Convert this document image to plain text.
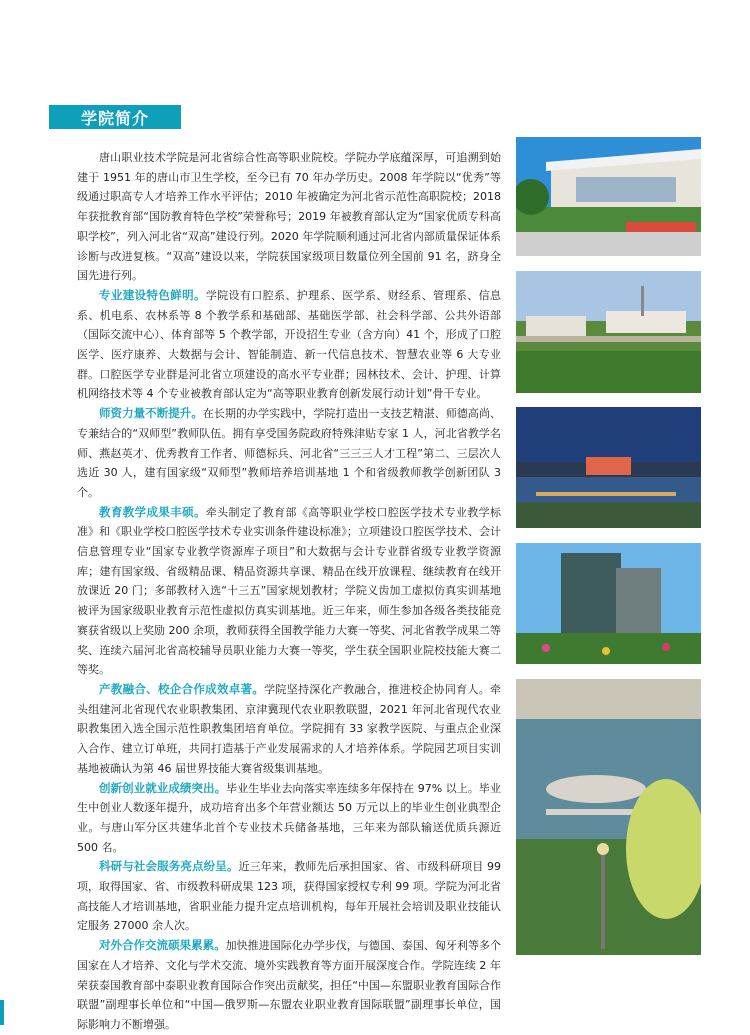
学院简介

唐山职业技术学院是河北省综合性高等职业院校。学院办学底蕴深厚，可追溯到始建于 1951 年的唐山市卫生学校，至今已有 70 年办学历史。2008 年学院以“优秀”等级通过职高专人才培养工作水平评估；2010 年被确定为河北省示范性高职院校；2018 年获批教育部“国防教育特色学校”荣誉称号；2019 年被教育部认定为“国家优质专科高职学校”，列入河北省“双高”建设行列。2020 年学院顺利通过河北省内部质量保证体系诊断与改进复核。“双高”建设以来，学院获国家级项目数量位列全国前 91 名，跻身全国先进行列。

专业建设特色鲜明。学院设有口腔系、护理系、医学系、财经系、管理系、信息系、机电系、农林系等 8 个教学系和基础部、基础医学部、社会科学部、公共外语部（国际交流中心）、体育部等 5 个教学部，开设招生专业（含方向）41 个，形成了口腔医学、医疗康养、大数据与会计、智能制造、新一代信息技术、智慧农业等 6 大专业群。口腔医学专业群是河北省立项建设的高水平专业群；园林技术、会计、护理、计算机网络技术等 4 个专业被教育部认定为“高等职业教育创新发展行动计划”骨干专业。

师资力量不断提升。在长期的办学实践中，学院打造出一支技艺精湛、师德高尚、专兼结合的“双师型”教师队伍。拥有享受国务院政府特殊津贴专家 1 人，河北省教学名师、燕赵英才、优秀教育工作者、师德标兵、河北省“三三三人才工程”第二、三层次人选近 30 人，建有国家级“双师型”教师培养培训基地 1 个和省级教师教学创新团队 3 个。

教育教学成果丰硕。牵头制定了教育部《高等职业学校口腔医学技术专业教学标准》和《职业学校口腔医学技术专业实训条件建设标准》；立项建设口腔医学技术、会计信息管理专业“国家专业教学资源库子项目”和大数据与会计专业群省级专业教学资源库；建有国家级、省级精品课、精品资源共享课、精品在线开放课程、继续教育在线开放课近 20 门；多部教材入选“十三五”国家规划教材；学院义齿加工虚拟仿真实训基地被评为国家级职业教育示范性虚拟仿真实训基地。近三年来，师生参加各级各类技能竞赛获省级以上奖励 200 余项，教师获得全国教学能力大赛一等奖、河北省教学成果二等奖、连续六届河北省高校辅导员职业能力大赛一等奖，学生获全国职业院校技能大赛二等奖。

产教融合、校企合作成效卓著。学院坚持深化产教融合，推进校企协同育人。牵头组建河北省现代农业职教集团、京津冀现代农业职教联盟，2021 年河北省现代农业职教集团入选全国示范性职教集团培育单位。学院拥有 33 家教学医院、与重点企业深入合作、建立订单班，共同打造基于产业发展需求的人才培养体系。学院园艺项目实训基地被确认为第 46 届世界技能大赛省级集训基地。

创新创业就业成绩突出。毕业生毕业去向落实率连续多年保持在 97% 以上。毕业生中创业人数逐年提升，成功培育出多个年营业额达 50 万元以上的毕业生创业典型企业。与唐山军分区共建华北首个专业技术兵储备基地，三年来为部队输送优质兵源近 500 名。

科研与社会服务亮点纷呈。近三年来，教师先后承担国家、省、市级科研项目 99 项，取得国家、省、市级教科研成果 123 项，获得国家授权专利 99 项。学院为河北省高技能人才培训基地，省职业能力提升定点培训机构，每年开展社会培训及职业技能认定服务 27000 余人次。

对外合作交流硕果累累。加快推进国际化办学步伐，与德国、泰国、匈牙利等多个国家在人才培养、文化与学术交流、境外实践教育等方面开展深度合作。学院连续 2 年荣获泰国教育部中泰职业教育国际合作突出贡献奖，担任“中国—东盟职业教育国际合作联盟”副理事长单位和“中国—俄罗斯—东盟农业职业教育国际联盟”副理事长单位，国际影响力不断增强。
